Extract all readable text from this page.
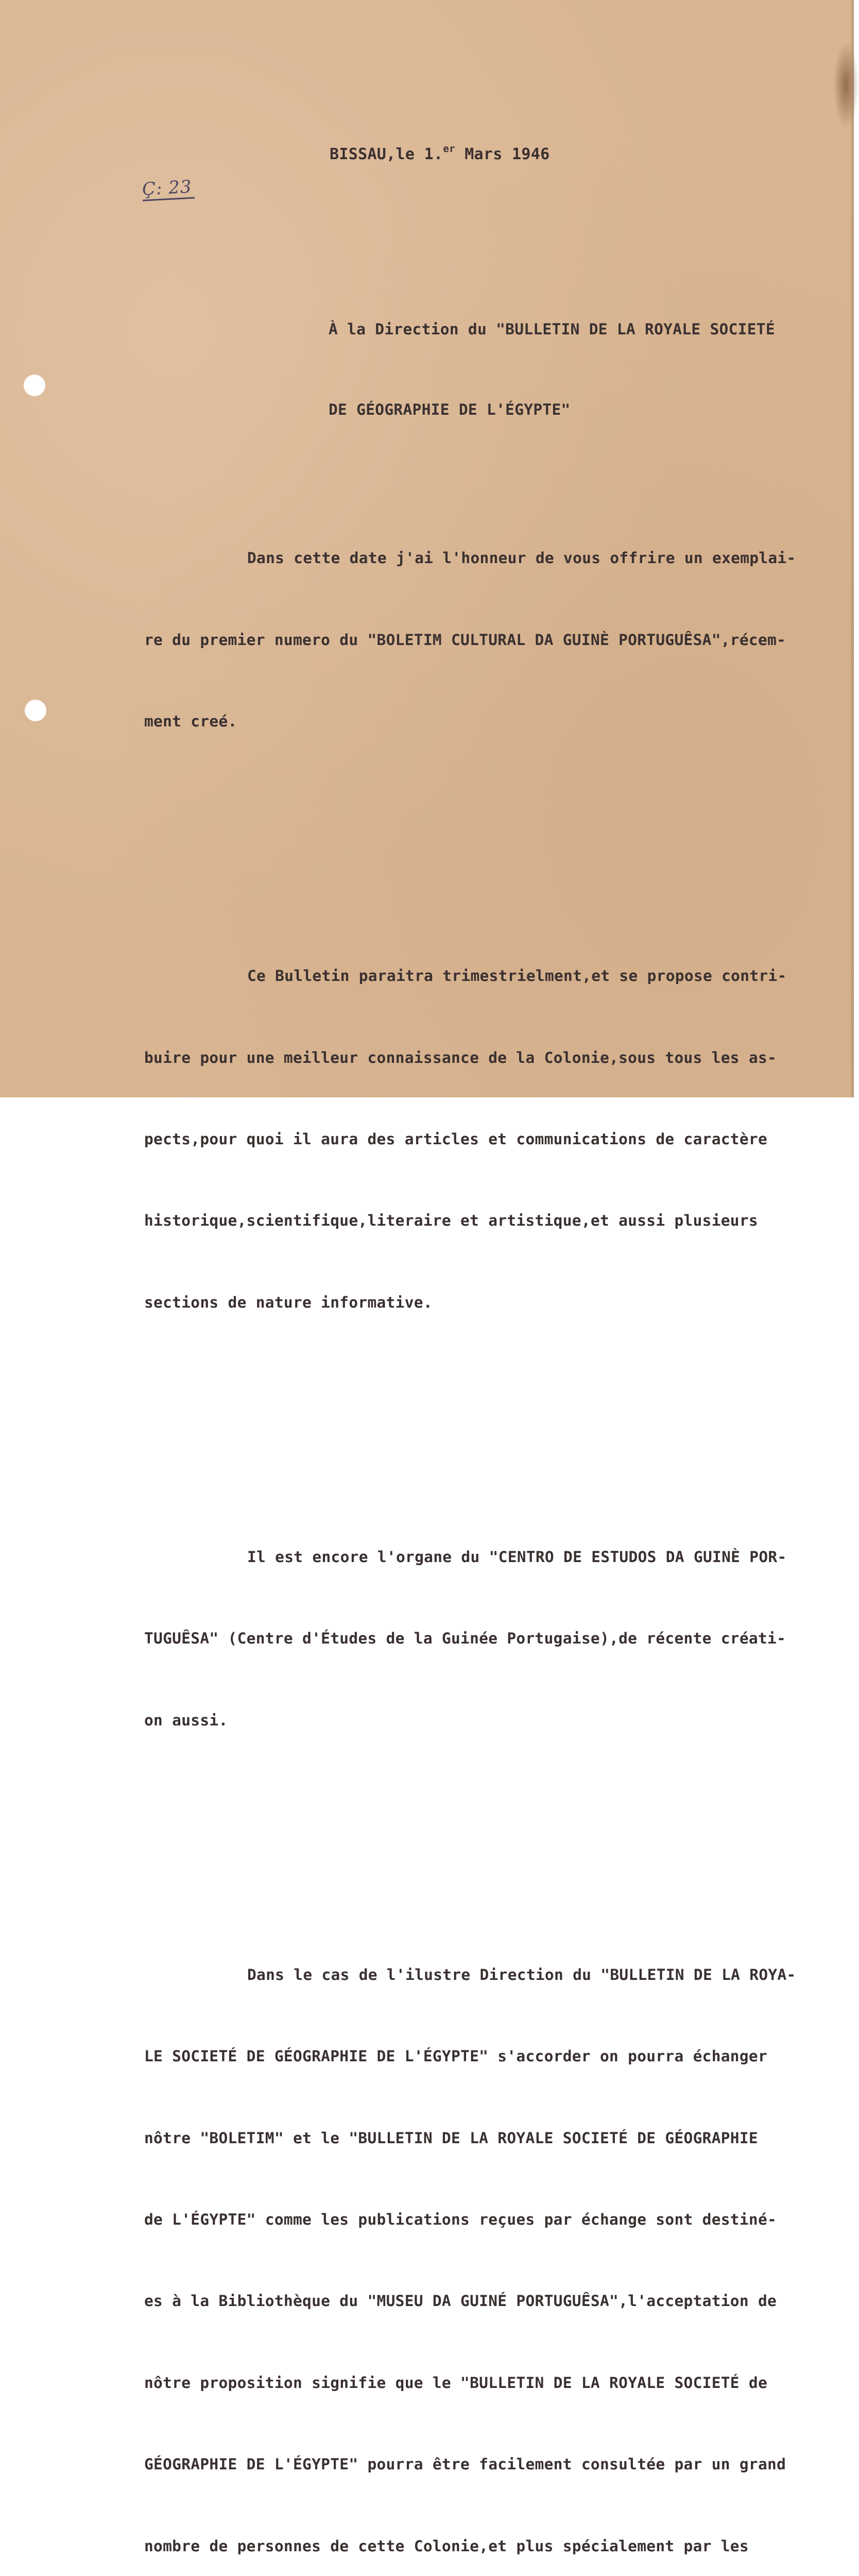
BISSAU,le 1.$^{er}$ Mars 1946
Ç: 23

À la Direction du "BULLETIN DE LA ROYALE SOCIETÉ

DE GÉOGRAPHIE DE L'ÉGYPTE"

Dans cette date j'ai l'honneur de vous offrire un exemplai-

re du premier numero du "BOLETIM CULTURAL DA GUINÈ PORTUGUÊSA",récem-

ment creé.

Ce Bulletin paraitra trimestrielment,et se propose contri-

buire pour une meilleur connaissance de la Colonie,sous tous les as-

pects,pour quoi il aura des articles et communications de caractère

historique,scientifique,literaire et artistique,et aussi plusieurs

sections de nature informative.

Il est encore l'organe du "CENTRO DE ESTUDOS DA GUINÈ POR-

TUGUÊSA" (Centre d'Études de la Guinée Portugaise),de récente créati-

on aussi.

Dans le cas de l'ilustre Direction du "BULLETIN DE LA ROYA-

LE SOCIETÉ DE GÉOGRAPHIE DE L'ÉGYPTE" s'accorder on pourra échanger

nôtre "BOLETIM" et le "BULLETIN DE LA ROYALE SOCIETÉ DE GÉOGRAPHIE

de L'ÉGYPTE" comme les publications reçues par échange sont destiné-

es à la Bibliothèque du "MUSEU DA GUINÉ PORTUGUÊSA",l'acceptation de

nôtre proposition signifie que le "BULLETIN DE LA ROYALE SOCIETÉ de

GÉOGRAPHIE DE L'ÉGYPTE" pourra être facilement consultée par un grand

nombre de personnes de cette Colonie,et plus spécialement par les
